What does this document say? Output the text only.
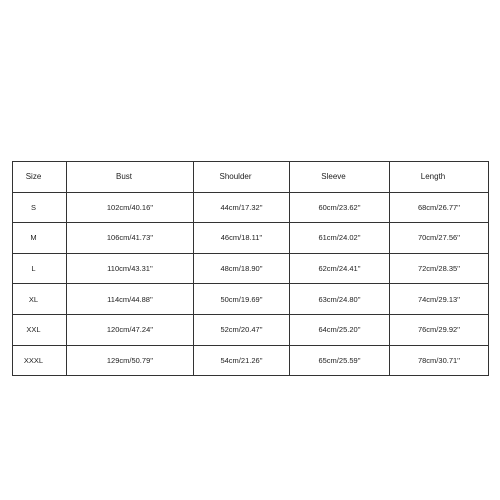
Size	Bust	Shoulder	Sleeve	Length
S	102cm/40.16''	44cm/17.32''	60cm/23.62''	68cm/26.77''
M	106cm/41.73''	46cm/18.11''	61cm/24.02''	70cm/27.56''
L	110cm/43.31''	48cm/18.90''	62cm/24.41''	72cm/28.35''
XL	114cm/44.88''	50cm/19.69''	63cm/24.80''	74cm/29.13''
XXL	120cm/47.24''	52cm/20.47''	64cm/25.20''	76cm/29.92''
XXXL	129cm/50.79''	54cm/21.26''	65cm/25.59''	78cm/30.71''
